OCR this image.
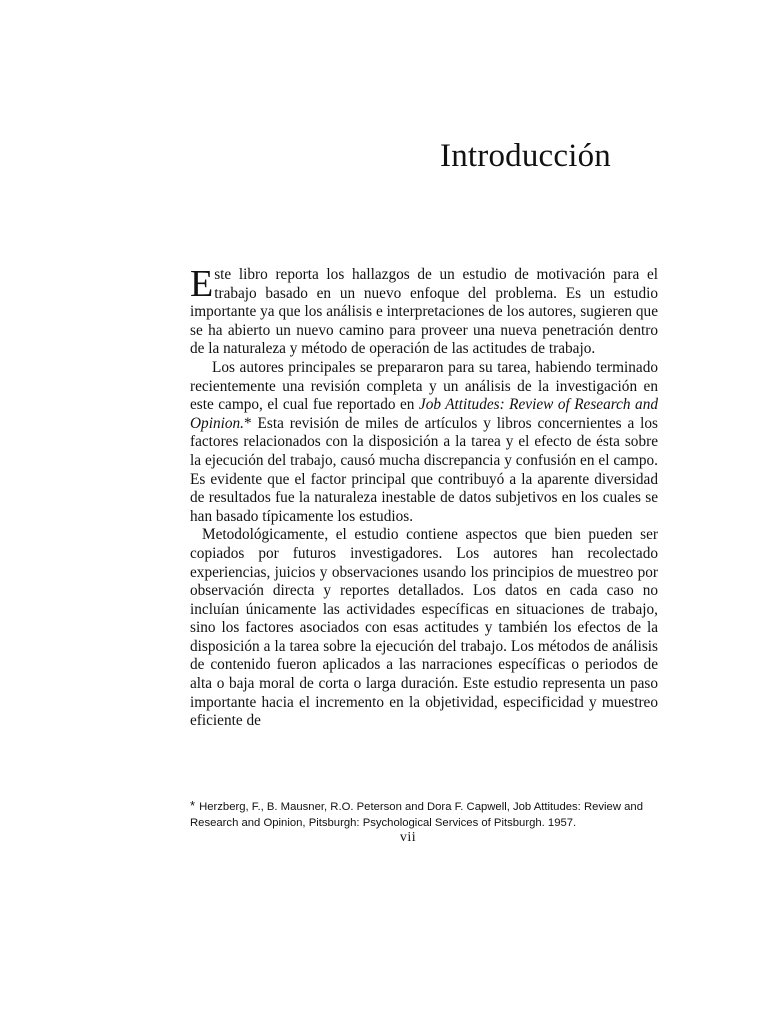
Introducción

Este libro reporta los hallazgos de un estudio de motivación para el trabajo basado en un nuevo enfoque del problema. Es un estudio importante ya que los análisis e interpretaciones de los autores, sugieren que se ha abierto un nuevo camino para proveer una nueva penetración dentro de la naturaleza y método de operación de las actitudes de trabajo.

Los autores principales se prepararon para su tarea, habiendo terminado recientemente una revisión completa y un análisis de la investigación en este campo, el cual fue reportado en Job Attitudes: Review of Research and Opinion.* Esta revisión de miles de artículos y libros concernientes a los factores relacionados con la disposición a la tarea y el efecto de ésta sobre la ejecución del trabajo, causó mucha discrepancia y confusión en el campo. Es evidente que el factor principal que contribuyó a la aparente diversidad de resultados fue la naturaleza inestable de datos subjetivos en los cuales se han basado típicamente los estudios.

Metodológicamente, el estudio contiene aspectos que bien pueden ser copiados por futuros investigadores. Los autores han recolectado experiencias, juicios y observaciones usando los principios de muestreo por observación directa y reportes detallados. Los datos en cada caso no incluían únicamente las actividades específicas en situaciones de trabajo, sino los factores asociados con esas actitudes y también los efectos de la disposición a la tarea sobre la ejecución del trabajo. Los métodos de análisis de contenido fueron aplicados a las narraciones específicas o periodos de alta o baja moral de corta o larga duración. Este estudio representa un paso importante hacia el incremento en la objetividad, especificidad y muestreo eficiente de

* Herzberg, F., B. Mausner, R.O. Peterson and Dora F. Capwell, Job Attitudes: Review and Research and Opinion, Pitsburgh: Psychological Services of Pitsburgh. 1957.
vii
